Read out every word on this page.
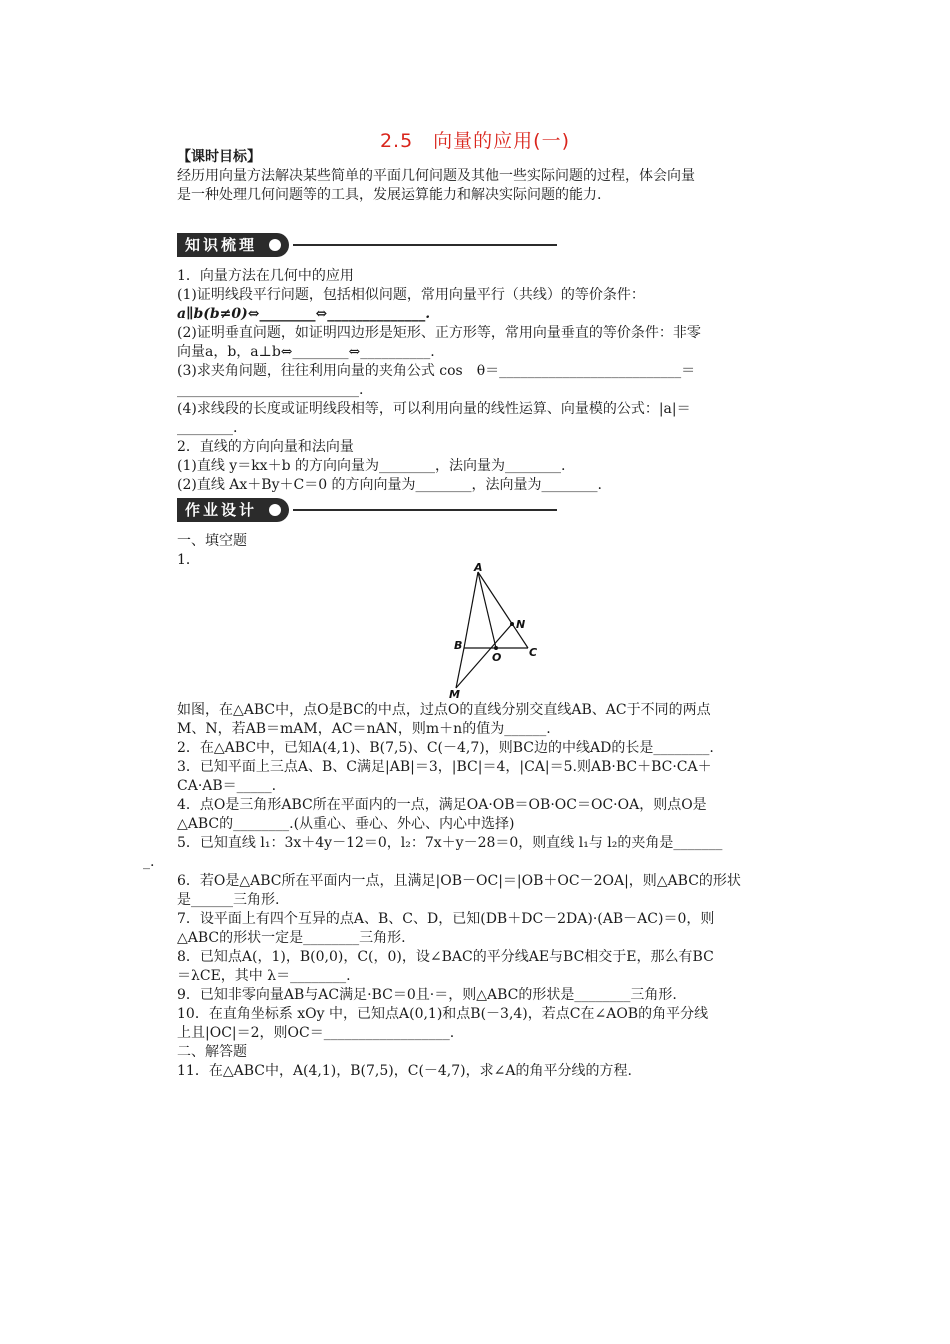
2.5　向量的应用(一)
【课时目标】
经历用向量方法解决某些简单的平面几何问题及其他一些实际问题的过程，体会向量
是一种处理几何问题等的工具，发展运算能力和解决实际问题的能力.
知识梳理
1．向量方法在几何中的应用
(1)证明线段平行问题，包括相似问题，常用向量平行（共线）的等价条件：
a∥b(b≠0)⇔________⇔______________.
(2)证明垂直问题，如证明四边形是矩形、正方形等，常用向量垂直的等价条件：非零
向量a，b，a⊥b⇔________⇔__________.
(3)求夹角问题，往往利用向量的夹角公式 cos　θ＝__________________________＝
__________________________.
(4)求线段的长度或证明线段相等，可以利用向量的线性运算、向量模的公式：|a|＝
________.
2．直线的方向向量和法向量
(1)直线 y＝kx＋b 的方向向量为________，法向量为________.
(2)直线 Ax＋By＋C＝0 的方向向量为________，法向量为________.
作业设计
一、填空题
1．	A
B
C
O
N
M
如图，在△ABC中，点O是BC的中点，过点O的直线分别交直线AB、AC于不同的两点
M、N，若AB＝mAM，AC＝nAN，则m＋n的值为______.
2．在△ABC中，已知A(4,1)、B(7,5)、C(－4,7)，则BC边的中线AD的长是________.
3．已知平面上三点A、B、C满足|AB|＝3，|BC|＝4，|CA|＝5.则AB·BC＋BC·CA＋
CA·AB＝_____.
4．点O是三角形ABC所在平面内的一点，满足OA·OB＝OB·OC＝OC·OA，则点O是
△ABC的________.(从重心、垂心、外心、内心中选择)
5．已知直线 l₁：3x＋4y－12＝0，l₂：7x＋y－28＝0，则直线 l₁与 l₂的夹角是_______
_.
6．若O是△ABC所在平面内一点，且满足|OB－OC|＝|OB＋OC－2OA|，则△ABC的形状
是______三角形.
7．设平面上有四个互异的点A、B、C、D，已知(DB＋DC－2DA)·(AB－AC)＝0，则
△ABC的形状一定是________三角形.
8．已知点A(，1)，B(0,0)，C(，0)，设∠BAC的平分线AE与BC相交于E，那么有BC
＝λCE，其中 λ＝________.
9．已知非零向量AB与AC满足·BC＝0且·＝，则△ABC的形状是________三角形.
10．在直角坐标系 xOy 中，已知点A(0,1)和点B(－3,4)，若点C在∠AOB的角平分线
上且|OC|＝2，则OC＝__________________.
二、解答题
11．在△ABC中，A(4,1)，B(7,5)，C(－4,7)，求∠A的角平分线的方程.
